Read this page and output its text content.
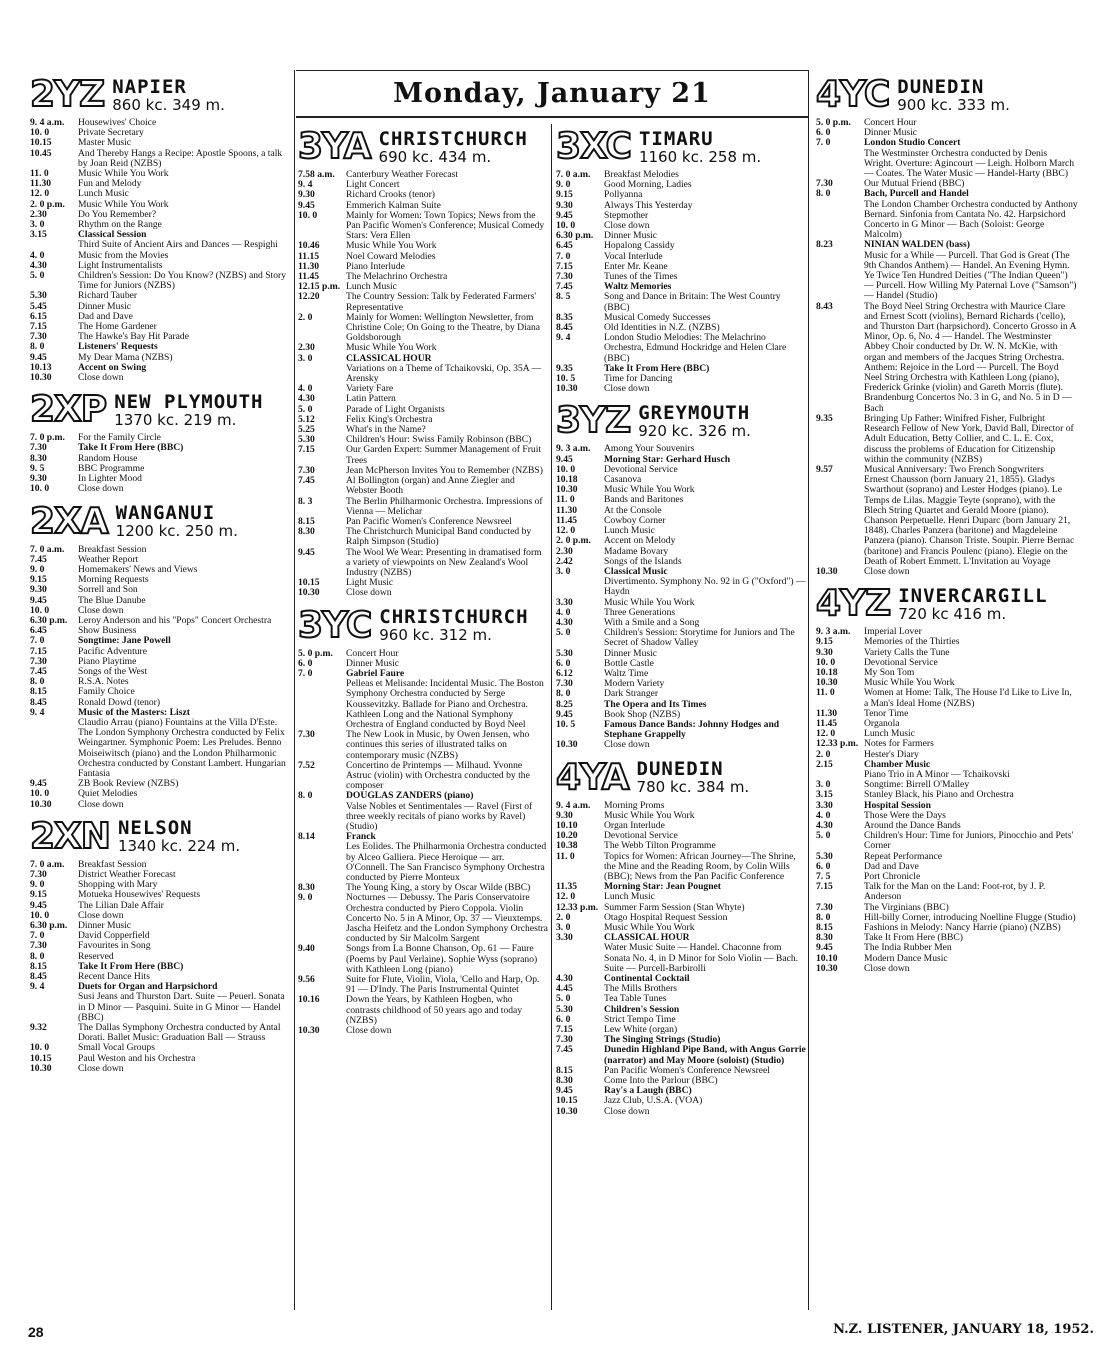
Monday, January 21
2YZ NAPIER
860 kc. 349 m.
9. 4 a.m.	Housewives' Choice
10. 0	Private Secretary
10.15	Master Music
10.45	And Thereby Hangs a Recipe: Apostle Spoons, a talk by Joan Reid (NZBS)
11. 0	Music While You Work
11.30	Fun and Melody
12. 0	Lunch Music
2. 0 p.m.	Music While You Work
2.30	Do You Remember?
3. 0	Rhythm on the Range
3.15	Classical Session
Third Suite of Ancient Airs and Dances — Respighi
4. 0	Music from the Movies
4.30	Light Instrumentalists
5. 0	Children's Session: Do You Know? (NZBS) and Story Time for Juniors (NZBS)
5.30	Richard Tauber
5.45	Dinner Music
6.15	Dad and Dave
7.15	The Home Gardener
7.30	The Hawke's Bay Hit Parade
8. 0	Listeners' Requests
9.45	My Dear Mama (NZBS)
10.13	Accent on Swing
10.30	Close down
2XP NEW PLYMOUTH
1370 kc. 219 m.
7. 0 p.m.	For the Family Circle
7.30	Take It From Here (BBC)
8.30	Random House
9. 5	BBC Programme
9.30	In Lighter Mood
10. 0	Close down
2XA WANGANUI
1200 kc. 250 m.
7. 0 a.m.	Breakfast Session
7.45	Weather Report
9. 0	Homemakers' News and Views
9.15	Morning Requests
9.30	Sorrell and Son
9.45	The Blue Danube
10. 0	Close down
6.30 p.m.	Leroy Anderson and his "Pops" Concert Orchestra
6.45	Show Business
7. 0	Songtime: Jane Powell
7.15	Pacific Adventure
7.30	Piano Playtime
7.45	Songs of the West
8. 0	R.S.A. Notes
8.15	Family Choice
8.45	Ronald Dowd (tenor)
9. 4	Music of the Masters: Liszt
Claudio Arrau (piano) Fountains at the Villa D'Este. The London Symphony Orchestra conducted by Felix Weingartner. Symphonic Poem: Les Preludes. Benno Moiseiwitsch (piano) and the London Philharmonic Orchestra conducted by Constant Lambert. Hungarian Fantasia
9.45	ZB Book Review (NZBS)
10. 0	Quiet Melodies
10.30	Close down
2XN NELSON
1340 kc. 224 m.
7. 0 a.m.	Breakfast Session
7.30	District Weather Forecast
9. 0	Shopping with Mary
9.15	Motueka Housewives' Requests
9.45	The Lilian Dale Affair
10. 0	Close down
6.30 p.m.	Dinner Music
7. 0	David Copperfield
7.30	Favourites in Song
8. 0	Reserved
8.15	Take It From Here (BBC)
8.45	Recent Dance Hits
9. 4	Duets for Organ and Harpsichord
Susi Jeans and Thurston Dart. Suite — Peuerl. Sonata in D Minor — Pasquini. Suite in G Minor — Handel (BBC)
9.32	The Dallas Symphony Orchestra conducted by Antal Dorati. Ballet Music: Graduation Ball — Strauss
10. 0	Small Vocal Groups
10.15	Paul Weston and his Orchestra
10.30	Close down
3YA CHRISTCHURCH
690 kc. 434 m.
7.58 a.m.	Canterbury Weather Forecast
9. 4	Light Concert
9.30	Richard Crooks (tenor)
9.45	Emmerich Kalman Suite
10. 0	Mainly for Women: Town Topics; News from the Pan Pacific Women's Conference; Musical Comedy Stars: Vera Ellen
10.46	Music While You Work
11.15	Noel Coward Melodies
11.30	Piano Interlude
11.45	The Melachrino Orchestra
12.15 p.m. Lunch Music
12.20	The Country Session: Talk by Federated Farmers' Representative
2. 0	Mainly for Women: Wellington Newsletter, from Christine Cole; On Going to the Theatre, by Diana Goldsborough
2.30	Music While You Work
3. 0	CLASSICAL HOUR
Variations on a Theme of Tchaikovski, Op. 35A — Arensky
4. 0	Variety Fare
4.30	Latin Pattern
5. 0	Parade of Light Organists
5.12	Felix King's Orchestra
5.25	What's in the Name?
5.30	Children's Hour: Swiss Family Robinson (BBC)
7.15	Our Garden Expert: Summer Management of Fruit Trees
7.30	Jean McPherson Invites You to Remember (NZBS)
7.45	Al Bollington (organ) and Anne Ziegler and Webster Booth
8. 3	The Berlin Philharmonic Orchestra. Impressions of Vienna — Melichar
8.15	Pan Pacific Women's Conference Newsreel
8.30	The Christchurch Municipal Band conducted by Ralph Simpson (Studio)
9.45	The Wool We Wear: Presenting in dramatised form a variety of viewpoints on New Zealand's Wool Industry (NZBS)
10.15	Light Music
10.30	Close down
3YC CHRISTCHURCH
960 kc. 312 m.
5. 0 p.m.	Concert Hour
6. 0	Dinner Music
7. 0	Gabriel Faure
Pelleas et Melisande: Incidental Music. The Boston Symphony Orchestra conducted by Serge Koussevitzky. Ballade for Piano and Orchestra. Kathleen Long and the National Symphony Orchestra of England conducted by Boyd Neel
7.30	The New Look in Music, by Owen Jensen, who continues this series of illustrated talks on contemporary music (NZBS)
7.52	Concertino de Printemps — Milhaud. Yvonne Astruc (violin) with Orchestra conducted by the composer
8. 0	DOUGLAS ZANDERS (piano)
Valse Nobles et Sentimentales — Ravel (First of three weekly recitals of piano works by Ravel) (Studio)
8.14	Franck
Les Eolides. The Philharmonia Orchestra conducted by Alceo Galliera. Piece Heroique — arr. O'Connell. The San Francisco Symphony Orchestra conducted by Pierre Monteux
8.30	The Young King, a story by Oscar Wilde (BBC)
9. 0	Nocturnes — Debussy. The Paris Conservatoire Orchestra conducted by Piero Coppola. Violin Concerto No. 5 in A Minor, Op. 37 — Vieuxtemps. Jascha Heifetz and the London Symphony Orchestra conducted by Sir Malcolm Sargent
9.40	Songs from La Bonne Chanson, Op. 61 — Faure (Poems by Paul Verlaine). Sophie Wyss (soprano) with Kathleen Long (piano)
9.56	Suite for Flute, Violin, Viola, 'Cello and Harp, Op. 91 — D'Indy. The Paris Instrumental Quintet
10.16	Down the Years, by Kathleen Hogben, who contrasts childhood of 50 years ago and today (NZBS)
10.30	Close down
3XC TIMARU
1160 kc. 258 m.
7. 0 a.m.	Breakfast Melodies
9. 0	Good Morning, Ladies
9.15	Pollyanna
9.30	Always This Yesterday
9.45	Stepmother
10. 0	Close down
6.30 p.m.	Dinner Music
6.45	Hopalong Cassidy
7. 0	Vocal Interlude
7.15	Enter Mr. Keane
7.30	Tunes of the Times
7.45	Waltz Memories
8. 5	Song and Dance in Britain: The West Country (BBC)
8.35	Musical Comedy Successes
8.45	Old Identities in N.Z. (NZBS)
9. 4	London Studio Melodies: The Melachrino Orchestra, Edmund Hockridge and Helen Clare (BBC)
9.35	Take It From Here (BBC)
10. 5	Time for Dancing
10.30	Close down
3YZ GREYMOUTH
920 kc. 326 m.
9. 3 a.m.	Among Your Souvenirs
9.45	Morning Star: Gerhard Husch
10. 0	Devotional Service
10.18	Casanova
10.30	Music While You Work
11. 0	Bands and Baritones
11.30	At the Console
11.45	Cowboy Corner
12. 0	Lunch Music
2. 0 p.m.	Accent on Melody
2.30	Madame Bovary
2.42	Songs of the Islands
3. 0	Classical Music
Divertimento. Symphony No. 92 in G ("Oxford") — Haydn
3.30	Music While You Work
4. 0	Three Generations
4.30	With a Smile and a Song
5. 0	Children's Session: Storytime for Juniors and The Secret of Shadow Valley
5.30	Dinner Music
6. 0	Bottle Castle
6.12	Waltz Time
7.30	Modern Variety
8. 0	Dark Stranger
8.25	The Opera and Its Times
9.45	Book Shop (NZBS)
10. 5	Famous Dance Bands: Johnny Hodges and Stephane Grappelly
10.30	Close down
4YA DUNEDIN
780 kc. 384 m.
9. 4 a.m.	Morning Proms
9.30	Music While You Work
10.10	Organ Interlude
10.20	Devotional Service
10.38	The Webb Tilton Programme
11. 0	Topics for Women: African Journey—The Shrine, the Mine and the Reading Room, by Colin Wills (BBC); News from the Pan Pacific Conference
11.35	Morning Star: Jean Pougnet
12. 0	Lunch Music
12.33 p.m. Summer Farm Session (Stan Whyte)
2. 0	Otago Hospital Request Session
3. 0	Music While You Work
3.30	CLASSICAL HOUR
Water Music Suite — Handel. Chaconne from Sonata No. 4, in D Minor for Solo Violin — Bach. Suite — Purcell-Barbirolli
4.30	Continental Cocktail
4.45	The Mills Brothers
5. 0	Tea Table Tunes
5.30	Children's Session
6. 0	Strict Tempo Time
7.15	Lew White (organ)
7.30	The Singing Strings (Studio)
7.45	Dunedin Highland Pipe Band, with Angus Gorrie (narrator) and May Moore (soloist) (Studio)
8.15	Pan Pacific Women's Conference Newsreel
8.30	Come Into the Parlour (BBC)
9.45	Ray's a Laugh (BBC)
10.15	Jazz Club, U.S.A. (VOA)
10.30	Close down
4YC DUNEDIN
900 kc. 333 m.
5. 0 p.m.	Concert Hour
6. 0	Dinner Music
7. 0	London Studio Concert
The Westminster Orchestra conducted by Denis Wright. Overture: Agincourt — Leigh. Holborn March — Coates. The Water Music — Handel-Harty (BBC)
7.30	Our Mutual Friend (BBC)
8. 0	Bach, Purcell and Handel
The London Chamber Orchestra conducted by Anthony Bernard. Sinfonia from Cantata No. 42. Harpsichord Concerto in G Minor — Bach (Soloist: George Malcolm)
8.23	NINIAN WALDEN (bass)
Music for a While — Purcell. That God is Great (The 9th Chandos Anthem) — Handel. An Evening Hymn. Ye Twice Ten Hundred Deities ("The Indian Queen") — Purcell. How Willing My Paternal Love ("Samson") — Handel (Studio)
8.43	The Boyd Neel String Orchestra with Maurice Clare and Ernest Scott (violins), Bernard Richards ('cello), and Thurston Dart (harpsichord). Concerto Grosso in A Minor, Op. 6, No. 4 — Handel. The Westminster Abbey Choir conducted by Dr. W. N. McKie, with organ and members of the Jacques String Orchestra. Anthem: Rejoice in the Lord — Purcell. The Boyd Neel String Orchestra with Kathleen Long (piano), Frederick Grinke (violin) and Gareth Morris (flute). Brandenburg Concertos No. 3 in G, and No. 5 in D — Bach
9.35	Bringing Up Father: Winifred Fisher, Fulbright Research Fellow of New York, David Ball, Director of Adult Education, Betty Collier, and C. L. E. Cox, discuss the problems of Education for Citizenship within the community (NZBS)
9.57	Musical Anniversary: Two French Songwriters
Ernest Chausson (born January 21, 1855). Gladys Swarthout (soprano) and Lester Hodges (piano). Le Temps de Lilas. Maggie Teyte (soprano), with the Blech String Quartet and Gerald Moore (piano). Chanson Perpetuelle. Henri Duparc (born January 21, 1848). Charles Panzera (baritone) and Magdeleine Panzera (piano). Chanson Triste. Soupir. Pierre Bernac (baritone) and Francis Poulenc (piano). Elegie on the Death of Robert Emmett. L'Invitation au Voyage
10.30	Close down
4YZ INVERCARGILL
720 kc 416 m.
9. 3 a.m.	Imperial Lover
9.15	Memories of the Thirties
9.30	Variety Calls the Tune
10. 0	Devotional Service
10.18	My Son Tom
10.30	Music While You Work
11. 0	Women at Home: Talk, The House I'd Like to Live In, a Man's Ideal Home (NZBS)
11.30	Tenor Time
11.45	Organola
12. 0	Lunch Music
12.33 p.m. Notes for Farmers
2. 0	Hester's Diary
2.15	Chamber Music
Piano Trio in A Minor — Tchaikovski
3. 0	Songtime: Birrell O'Malley
3.15	Stanley Black, his Piano and Orchestra
3.30	Hospital Session
4. 0	Those Were the Days
4.30	Around the Dance Bands
5. 0	Children's Hour: Time for Juniors, Pinocchio and Pets' Corner
5.30	Repeat Performance
6. 0	Dad and Dave
7. 5	Port Chronicle
7.15	Talk for the Man on the Land: Foot-rot, by J. P. Anderson
7.30	The Virginians (BBC)
8. 0	Hill-billy Corner, introducing Noelline Flugge (Studio)
8.15	Fashions in Melody: Nancy Harrie (piano) (NZBS)
8.30	Take It From Here (BBC)
9.45	The India Rubber Men
10.10	Modern Dance Music
10.30	Close down
28	N.Z. LISTENER, JANUARY 18, 1952.
